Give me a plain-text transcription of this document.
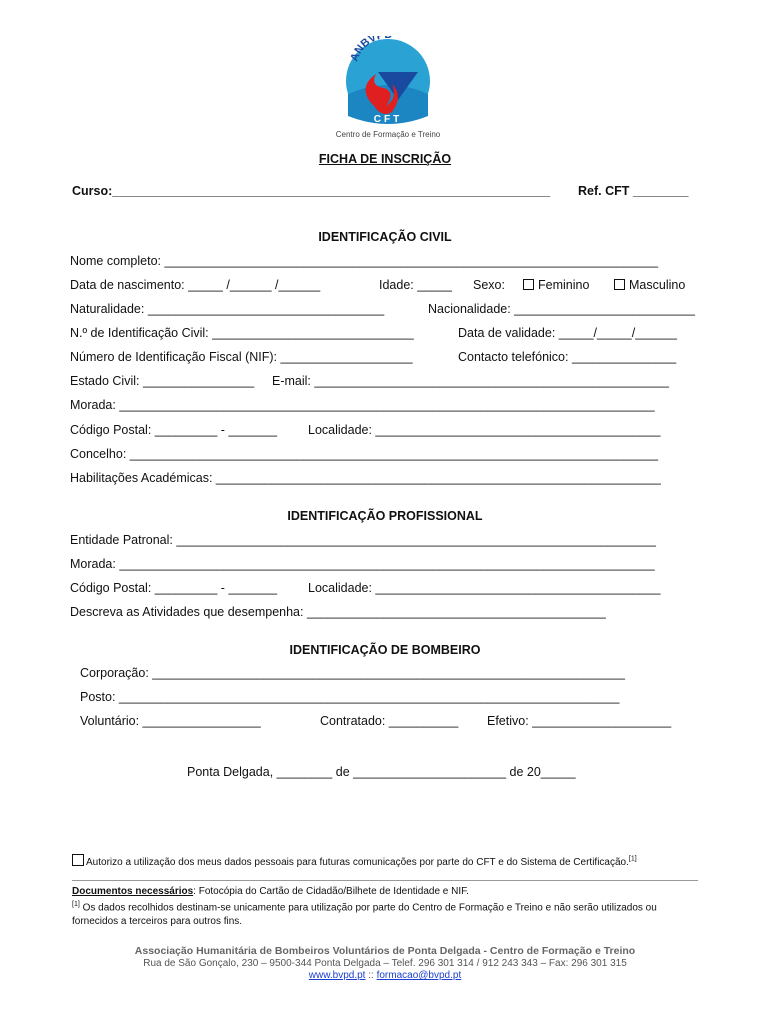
ANBV
CFT
Centro de Formação e Treino
FICHA DE INSCRIÇÃO
Curso:_______________________________________________________________ Ref. CFT ________
IDENTIFICAÇÃO CIVIL
Nome completo: _______________________________________________________________________
Data de nascimento: _____ /______ /______	Idade: _____ Sexo:	Feminino	Masculino
Naturalidade: __________________________________	Nacionalidade: __________________________
N.º de Identificação Civil: _____________________________	Data de validade: _____/_____/______
Número de Identificação Fiscal (NIF): ___________________	Contacto telefónico: _______________
Estado Civil: ________________ E-mail: ___________________________________________________
Morada: _____________________________________________________________________________
Código Postal: _________ - _______ Localidade: _________________________________________
Concelho: ____________________________________________________________________________
Habilitações Académicas: ________________________________________________________________
IDENTIFICAÇÃO PROFISSIONAL
Entidade Patronal: _____________________________________________________________________
Morada: _____________________________________________________________________________
Código Postal: _________ - _______ Localidade: _________________________________________
Descreva as Atividades que desempenha: ___________________________________________
IDENTIFICAÇÃO DE BOMBEIRO
Corporação: ____________________________________________________________________
Posto: ________________________________________________________________________
Voluntário: _________________	Contratado: __________ Efetivo: ____________________
Ponta Delgada, ________ de ______________________ de 20_____
Autorizo a utilização dos meus dados pessoais para futuras comunicações por parte do CFT e do Sistema de Certificação.[1]
Documentos necessários: Fotocópia do Cartão de Cidadão/Bilhete de Identidade e NIF.
[1] Os dados recolhidos destinam-se unicamente para utilização por parte do Centro de Formação e Treino e não serão utilizados ou
fornecidos a terceiros para outros fins.
Associação Humanitária de Bombeiros Voluntários de Ponta Delgada - Centro de Formação e Treino
Rua de São Gonçalo, 230 – 9500-344 Ponta Delgada – Telef. 296 301 314 / 912 243 343 – Fax: 296 301 315
www.bvpd.pt :: formacao@bvpd.pt
